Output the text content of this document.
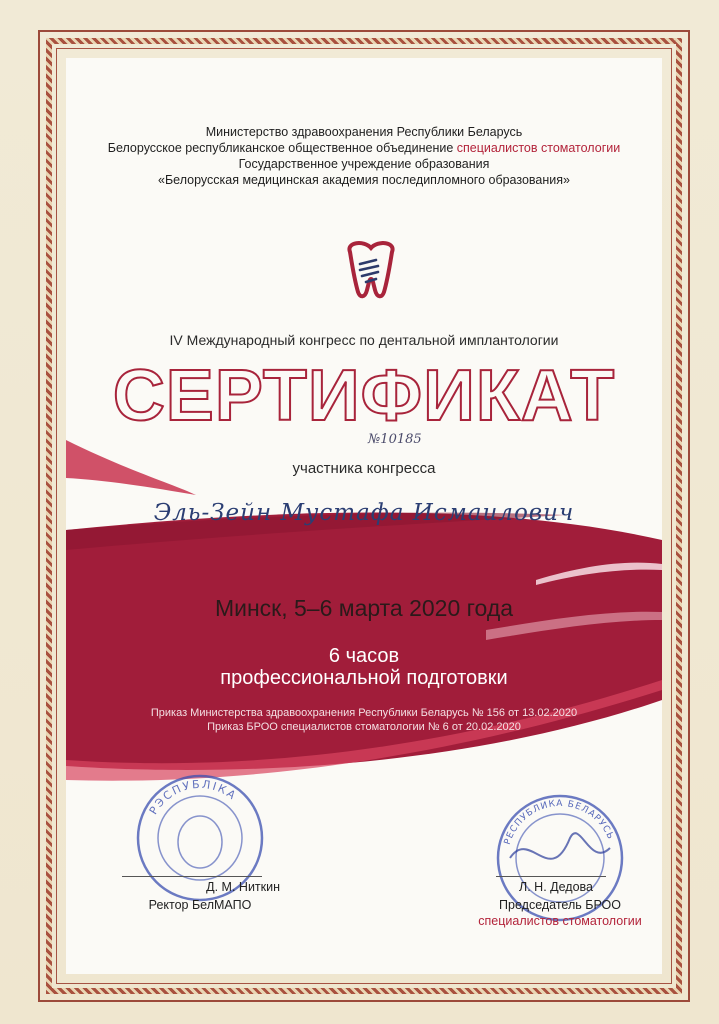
Министерство здравоохранения Республики Беларусь
Белорусское республиканское общественное объединение специалистов стоматологии
Государственное учреждение образования
«Белорусская медицинская академия последипломного образования»
IV Международный конгресс по дентальной имплантологии
СЕРТИФИКАТ
№10185
участника конгресса
Эль-Зейн Мустафа Исмаилович
Минск, 5–6 марта 2020 года
6 часов
профессиональной подготовки
Приказ Министерства здравоохранения Республики Беларусь № 156 от 13.02.2020
Приказ БРОО специалистов стоматологии № 6 от 20.02.2020
РЭСПУБЛІКА
Д. М. Ниткин
Ректор БелМАПО
РЕСПУБЛИКА БЕЛАРУСЬ
Л. Н. Дедова
Председатель БРОО
специалистов стоматологии
